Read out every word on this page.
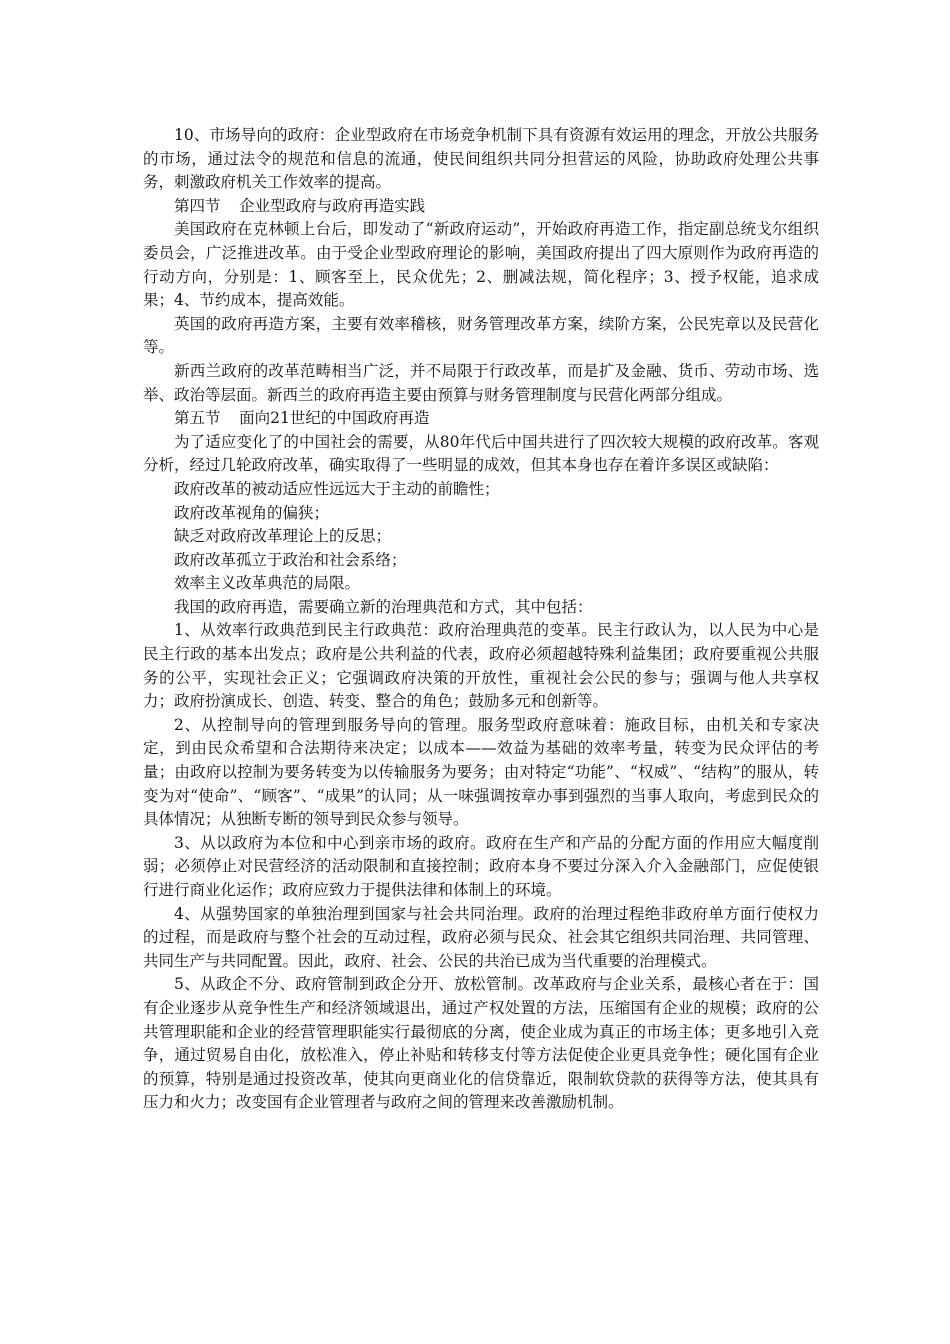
10、市场导向的政府：企业型政府在市场竞争机制下具有资源有效运用的理念，开放公共服务的市场，通过法令的规范和信息的流通，使民间组织共同分担营运的风险，协助政府处理公共事务，刺激政府机关工作效率的提高。

第四节 企业型政府与政府再造实践

美国政府在克林顿上台后，即发动了“新政府运动”，开始政府再造工作，指定副总统戈尔组织委员会，广泛推进改革。由于受企业型政府理论的影响，美国政府提出了四大原则作为政府再造的行动方向，分别是：1、顾客至上，民众优先；2、删减法规，简化程序；3、授予权能，追求成果；4、节约成本，提高效能。

英国的政府再造方案，主要有效率稽核，财务管理改革方案，续阶方案，公民宪章以及民营化等。

新西兰政府的改革范畴相当广泛，并不局限于行政改革，而是扩及金融、货币、劳动市场、选举、政治等层面。新西兰的政府再造主要由预算与财务管理制度与民营化两部分组成。

第五节 面向21世纪的中国政府再造

为了适应变化了的中国社会的需要，从80年代后中国共进行了四次较大规模的政府改革。客观分析，经过几轮政府改革，确实取得了一些明显的成效，但其本身也存在着许多误区或缺陷：

政府改革的被动适应性远远大于主动的前瞻性；

政府改革视角的偏狭；

缺乏对政府改革理论上的反思；

政府改革孤立于政治和社会系络；

效率主义改革典范的局限。

我国的政府再造，需要确立新的治理典范和方式，其中包括：

1、从效率行政典范到民主行政典范：政府治理典范的变革。民主行政认为，以人民为中心是民主行政的基本出发点；政府是公共利益的代表，政府必须超越特殊利益集团；政府要重视公共服务的公平，实现社会正义；它强调政府决策的开放性，重视社会公民的参与；强调与他人共享权力；政府扮演成长、创造、转变、整合的角色；鼓励多元和创新等。

2、从控制导向的管理到服务导向的管理。服务型政府意味着：施政目标，由机关和专家决定，到由民众希望和合法期待来决定；以成本——效益为基础的效率考量，转变为民众评估的考量；由政府以控制为要务转变为以传输服务为要务；由对特定“功能”、“权威”、“结构”的服从，转变为对“使命”、“顾客”、“成果”的认同；从一味强调按章办事到强烈的当事人取向，考虑到民众的具体情况；从独断专断的领导到民众参与领导。

3、从以政府为本位和中心到亲市场的政府。政府在生产和产品的分配方面的作用应大幅度削弱；必须停止对民营经济的活动限制和直接控制；政府本身不要过分深入介入金融部门，应促使银行进行商业化运作；政府应致力于提供法律和体制上的环境。

4、从强势国家的单独治理到国家与社会共同治理。政府的治理过程绝非政府单方面行使权力的过程，而是政府与整个社会的互动过程，政府必须与民众、社会其它组织共同治理、共同管理、共同生产与共同配置。因此，政府、社会、公民的共治已成为当代重要的治理模式。

5、从政企不分、政府管制到政企分开、放松管制。改革政府与企业关系，最核心者在于：国有企业逐步从竞争性生产和经济领域退出，通过产权处置的方法，压缩国有企业的规模；政府的公共管理职能和企业的经营管理职能实行最彻底的分离，使企业成为真正的市场主体；更多地引入竞争，通过贸易自由化，放松准入，停止补贴和转移支付等方法促使企业更具竞争性；硬化国有企业的预算，特别是通过投资改革，使其向更商业化的信贷靠近，限制软贷款的获得等方法，使其具有压力和火力；改变国有企业管理者与政府之间的管理来改善激励机制。
